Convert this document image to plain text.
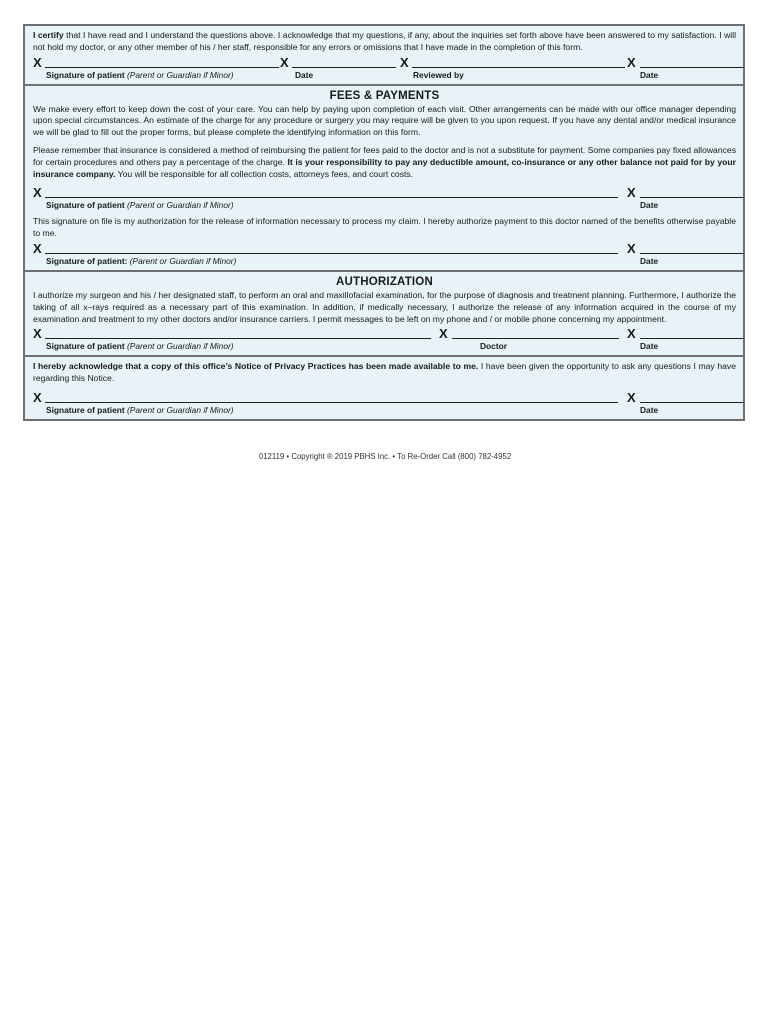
I certify that I have read and I understand the questions above. I acknowledge that my questions, if any, about the inquiries set forth above have been answered to my satisfaction. I will not hold my doctor, or any other member of his / her staff, responsible for any errors or omissions that I have made in the completion of this form.

X
Signature of patient (Parent or Guardian if Minor)
X
Date
X
Reviewed by
X
Date
FEES & PAYMENTS

We make every effort to keep down the cost of your care. You can help by paying upon completion of each visit. Other arrangements can be made with our office manager depending upon special circumstances. An estimate of the charge for any procedure or surgery you may require will be given to you upon request. If you have any dental and/or medical insurance we will be glad to fill out the proper forms, but please complete the identifying information on this form.

Please remember that insurance is considered a method of reimbursing the patient for fees paid to the doctor and is not a substitute for payment. Some companies pay fixed allowances for certain procedures and others pay a percentage of the charge. It is your responsibility to pay any deductible amount, co-insurance or any other balance not paid for by your insurance company. You will be responsible for all collection costs, attorneys fees, and court costs.

X
Signature of patient (Parent or Guardian if Minor)
X
Date

This signature on file is my authorization for the release of information necessary to process my claim. I hereby authorize payment to this doctor named of the benefits otherwise payable to me.

X
Signature of patient: (Parent or Guardian if Minor)
X
Date
AUTHORIZATION

I authorize my surgeon and his / her designated staff, to perform an oral and maxillofacial examination, for the purpose of diagnosis and treatment planning. Furthermore, I authorize the taking of all x–rays required as a necessary part of this examination. In addition, if medically necessary, I authorize the release of any information acquired in the course of my examination and treatment to my other doctors and/or insurance carriers. I permit messages to be left on my phone and / or mobile phone concerning my appointment.

X
Signature of patient (Parent or Guardian if Minor)
X
Doctor
X
Date

I hereby acknowledge that a copy of this office’s Notice of Privacy Practices has been made available to me. I have been given the opportunity to ask any questions I may have regarding this Notice.

X
Signature of patient (Parent or Guardian if Minor)
X
Date
012119 • Copyright ® 2019 PBHS Inc. • To Re-Order Call (800) 782-4952
